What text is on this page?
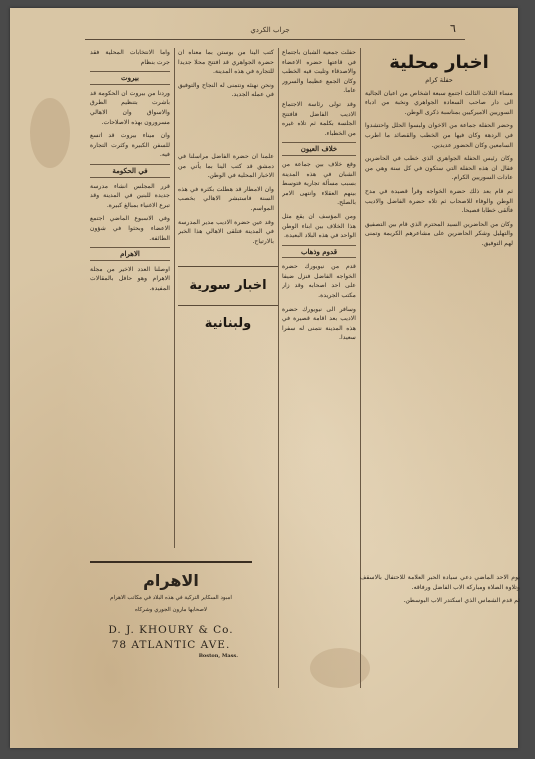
جراب الكردي	٦
اخبار محلية
حفلة كرام

مساء الثلاث الثالث اجتمع سبعة اشخاص من اعيان الجالية الى دار صاحب السعادة الجواهري ونخبة من ادباء السوريين الاميركيين بمناسبة ذكرى الوطن.

وحضر الحفلة جماعة من الاخوان ولبسوا الحلل واحتشدوا في الردهة وكان فيها من الخطب والقصائد ما اطرب السامعين وكان الحضور عديدين.

وكان رئيس الحفلة الجواهري الذي خطب في الحاضرين فقال ان هذه الحفلة التي ستكون في كل سنة وهي من عادات السوريين الكرام.

ثم قام بعد ذلك حضرة الخواجه وقرأ قصيدة في مدح الوطن والوفاء للاصحاب ثم تلاه حضرة الفاضل والاديب فألقى خطابا فصيحا.

وكان من الحاضرين السيد المحترم الذي قام بين التصفيق والتهليل وشكر الحاضرين على مشاعرهم الكريمة وتمنى لهم التوفيق.

حفلت جمعية الشبان باجتماع في قاعتها حضره الاعضاء والاصدقاء وتليت فيه الخطب وكان الجمع عظيما والسرور عاما.

وقد تولى رئاسة الاجتماع الاديب الفاضل فافتتح الجلسة بكلمة ثم تلاه غيره من الخطباء.

خلاف العيون

وقع خلاف بين جماعة من الشبان في هذه المدينة بسبب مسألة تجارية فتوسط بينهم العقلاء وانتهى الامر بالصلح.

ومن المؤسف ان يقع مثل هذا الخلاف بين ابناء الوطن الواحد في هذه البلاد البعيدة.

قدوم وذهاب

قدم من نيويورك حضرة الخواجه الفاضل فنزل ضيفا على احد اصحابه وقد زار مكتب الجريدة.

وسافر الى نيويورك حضرة الاديب بعد اقامة قصيرة في هذه المدينة نتمنى له سفرا سعيدا.

كتب الينا من بوستن بما معناه ان حضرة الجواهري قد افتتح محلا جديدا للتجارة في هذه المدينة.

ونحن نهنئه ونتمنى له النجاح والتوفيق في عمله الجديد.

علمنا ان حضرة الفاضل مراسلنا في دمشق قد كتب الينا بما يأتي من الاخبار المحلية في الوطن.

وان الامطار قد هطلت بكثرة في هذه السنة فاستبشر الاهالي بخصب المواسم.

وقد عين حضرة الاديب مدير المدرسة في المدينة فتلقى الاهالي هذا الخبر بالارتياح.

اخبار سورية ولبنانية

واما الانتخابات المحلية فقد جرت بنظام

بيروت

وردنا من بيروت ان الحكومة قد باشرت بتنظيم الطرق والاسواق وان الاهالي مسرورون بهذه الاصلاحات.

وان ميناء بيروت قد اتسع للسفن الكبيرة وكثرت التجارة فيه.

في الحكومة

قرر المجلس انشاء مدرسة جديدة للبنين في المدينة وقد تبرع الاغنياء بمبالغ كبيرة.

وفي الاسبوع الماضي اجتمع الاعضاء وبحثوا في شؤون الطائفة.

الاهرام

اوصلنا العدد الاخير من مجلة الاهرام وهو حافل بالمقالات المفيدة.

الاهرام
امبود السكاير التركية في هذه البلاد في مكاتب الاهرام
لاصحابها مارون الجوري وشركاه
D. J. KHOURY & Co.
78 ATLANTIC AVE.
Boston, Mass.

يوم الاحد الماضي دعي سيادة الحبر العلامة للاحتفال بالاسقف وتلاوة الصلاة ومباركة الاب الفاضل ورفاقه.

ثم قدم الشماس الذي اسكتدر الاب البوسطن.
